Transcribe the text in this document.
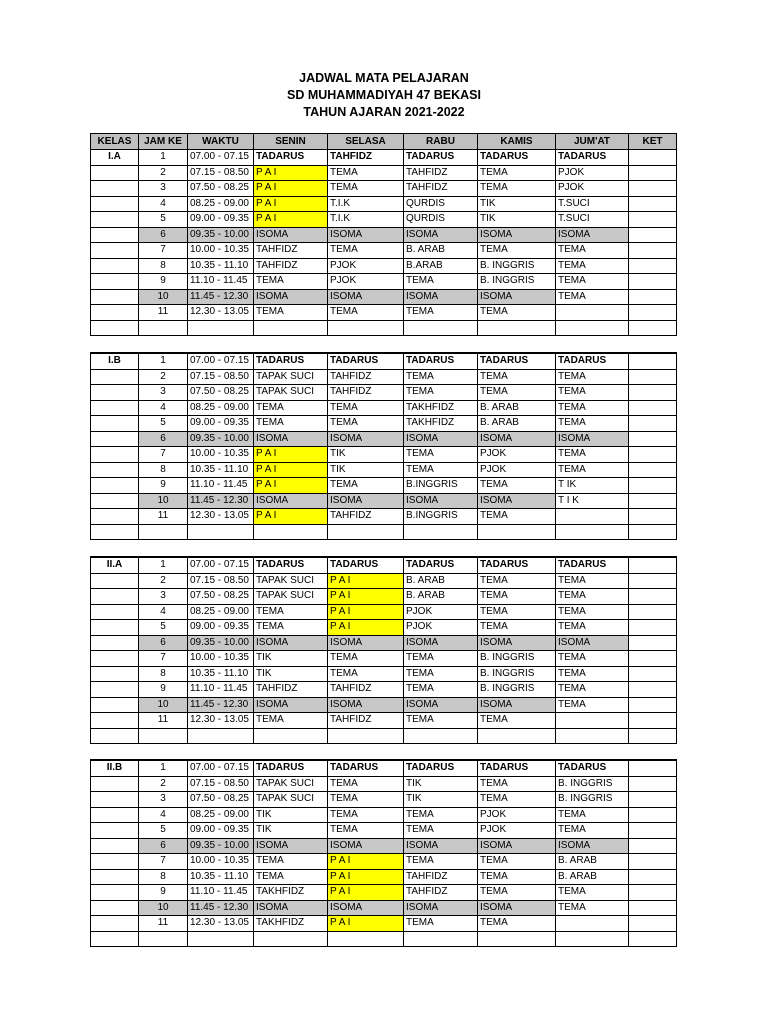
JADWAL MATA PELAJARAN
SD MUHAMMADIYAH 47 BEKASI
TAHUN AJARAN 2021-2022
KELAS	JAM KE	WAKTU	SENIN	SELASA	RABU	KAMIS	JUM'AT	KET
I.A	1	07.00 - 07.15	TADARUS	TAHFIDZ	TADARUS	TADARUS	TADARUS	
	2	07.15 - 08.50	P A I	TEMA	TAHFIDZ	TEMA	PJOK	
	3	07.50 - 08.25	P A I	TEMA	TAHFIDZ	TEMA	PJOK	
	4	08.25 - 09.00	P A I	T.I.K	QURDIS	TIK	T.SUCI	
	5	09.00 - 09.35	P A I	T.I.K	QURDIS	TIK	T.SUCI	
	6	09.35 - 10.00	ISOMA	ISOMA	ISOMA	ISOMA	ISOMA	
	7	10.00 - 10.35	TAHFIDZ	TEMA	B. ARAB	TEMA	TEMA	
	8	10.35 - 11.10	TAHFIDZ	PJOK	B.ARAB	B. INGGRIS	TEMA	
	9	11.10 - 11.45	TEMA	PJOK	TEMA	B. INGGRIS	TEMA	
	10	11.45 - 12.30	ISOMA	ISOMA	ISOMA	ISOMA	TEMA	
	11	12.30 - 13.05	TEMA	TEMA	TEMA	TEMA		

I.B	1	07.00 - 07.15	TADARUS	TADARUS	TADARUS	TADARUS	TADARUS	
	2	07.15 - 08.50	TAPAK SUCI	TAHFIDZ	TEMA	TEMA	TEMA	
	3	07.50 - 08.25	TAPAK SUCI	TAHFIDZ	TEMA	TEMA	TEMA	
	4	08.25 - 09.00	TEMA	TEMA	TAKHFIDZ	B. ARAB	TEMA	
	5	09.00 - 09.35	TEMA	TEMA	TAKHFIDZ	B. ARAB	TEMA	
	6	09.35 - 10.00	ISOMA	ISOMA	ISOMA	ISOMA	ISOMA	
	7	10.00 - 10.35	P A I	TIK	TEMA	PJOK	TEMA	
	8	10.35 - 11.10	P A I	TIK	TEMA	PJOK	TEMA	
	9	11.10 - 11.45	P A I	TEMA	B.INGGRIS	TEMA	T IK	
	10	11.45 - 12.30	ISOMA	ISOMA	ISOMA	ISOMA	T I K	
	11	12.30 - 13.05	P A I	TAHFIDZ	B.INGGRIS	TEMA		

II.A	1	07.00 - 07.15	TADARUS	TADARUS	TADARUS	TADARUS	TADARUS	
	2	07.15 - 08.50	TAPAK SUCI	P A I	B. ARAB	TEMA	TEMA	
	3	07.50 - 08.25	TAPAK SUCI	P A I	B. ARAB	TEMA	TEMA	
	4	08.25 - 09.00	TEMA	P A I	PJOK	TEMA	TEMA	
	5	09.00 - 09.35	TEMA	P A I	PJOK	TEMA	TEMA	
	6	09.35 - 10.00	ISOMA	ISOMA	ISOMA	ISOMA	ISOMA	
	7	10.00 - 10.35	TIK	TEMA	TEMA	B. INGGRIS	TEMA	
	8	10.35 - 11.10	TIK	TEMA	TEMA	B. INGGRIS	TEMA	
	9	11.10 - 11.45	TAHFIDZ	TAHFIDZ	TEMA	B. INGGRIS	TEMA	
	10	11.45 - 12.30	ISOMA	ISOMA	ISOMA	ISOMA	TEMA	
	11	12.30 - 13.05	TEMA	TAHFIDZ	TEMA	TEMA		

II.B	1	07.00 - 07.15	TADARUS	TADARUS	TADARUS	TADARUS	TADARUS	
	2	07.15 - 08.50	TAPAK SUCI	TEMA	TIK	TEMA	B. INGGRIS	
	3	07.50 - 08.25	TAPAK SUCI	TEMA	TIK	TEMA	B. INGGRIS	
	4	08.25 - 09.00	TIK	TEMA	TEMA	PJOK	TEMA	
	5	09.00 - 09.35	TIK	TEMA	TEMA	PJOK	TEMA	
	6	09.35 - 10.00	ISOMA	ISOMA	ISOMA	ISOMA	ISOMA	
	7	10.00 - 10.35	TEMA	P A I	TEMA	TEMA	B. ARAB	
	8	10.35 - 11.10	TEMA	P A I	TAHFIDZ	TEMA	B. ARAB	
	9	11.10 - 11.45	TAKHFIDZ	P A I	TAHFIDZ	TEMA	TEMA	
	10	11.45 - 12.30	ISOMA	ISOMA	ISOMA	ISOMA	TEMA	
	11	12.30 - 13.05	TAKHFIDZ	P A I	TEMA	TEMA		
